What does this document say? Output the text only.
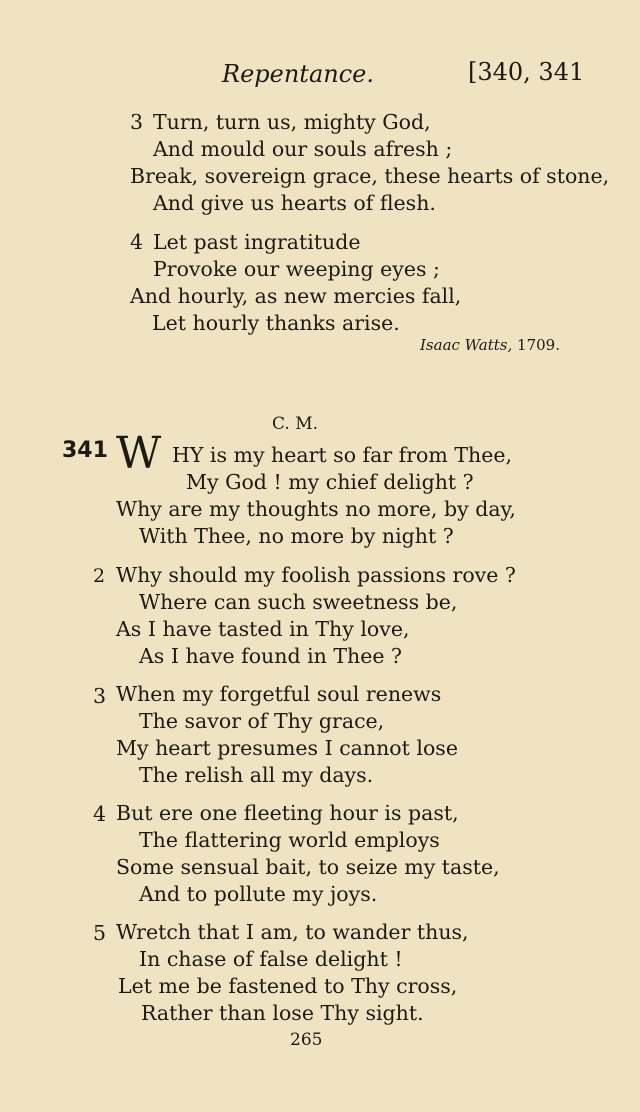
Repentance.	[340, 341
3 Turn, turn us, mighty God,
And mould our souls afresh ;
Break, sovereign grace, these hearts of stone,
And give us hearts of flesh.
4 Let past ingratitude
Provoke our weeping eyes ;
And hourly, as new mercies fall,
Let hourly thanks arise.
Isaac Watts, 1709.
C. M.
341 W HY is my heart so far from Thee,
My God ! my chief delight ?
Why are my thoughts no more, by day,
With Thee, no more by night ?
2 Why should my foolish passions rove ?
Where can such sweetness be,
As I have tasted in Thy love,
As I have found in Thee ?
3 When my forgetful soul renews
The savor of Thy grace,
My heart presumes I cannot lose
The relish all my days.
4 But ere one fleeting hour is past,
The flattering world employs
Some sensual bait, to seize my taste,
And to pollute my joys.
5 Wretch that I am, to wander thus,
In chase of false delight !
Let me be fastened to Thy cross,
Rather than lose Thy sight.
265
